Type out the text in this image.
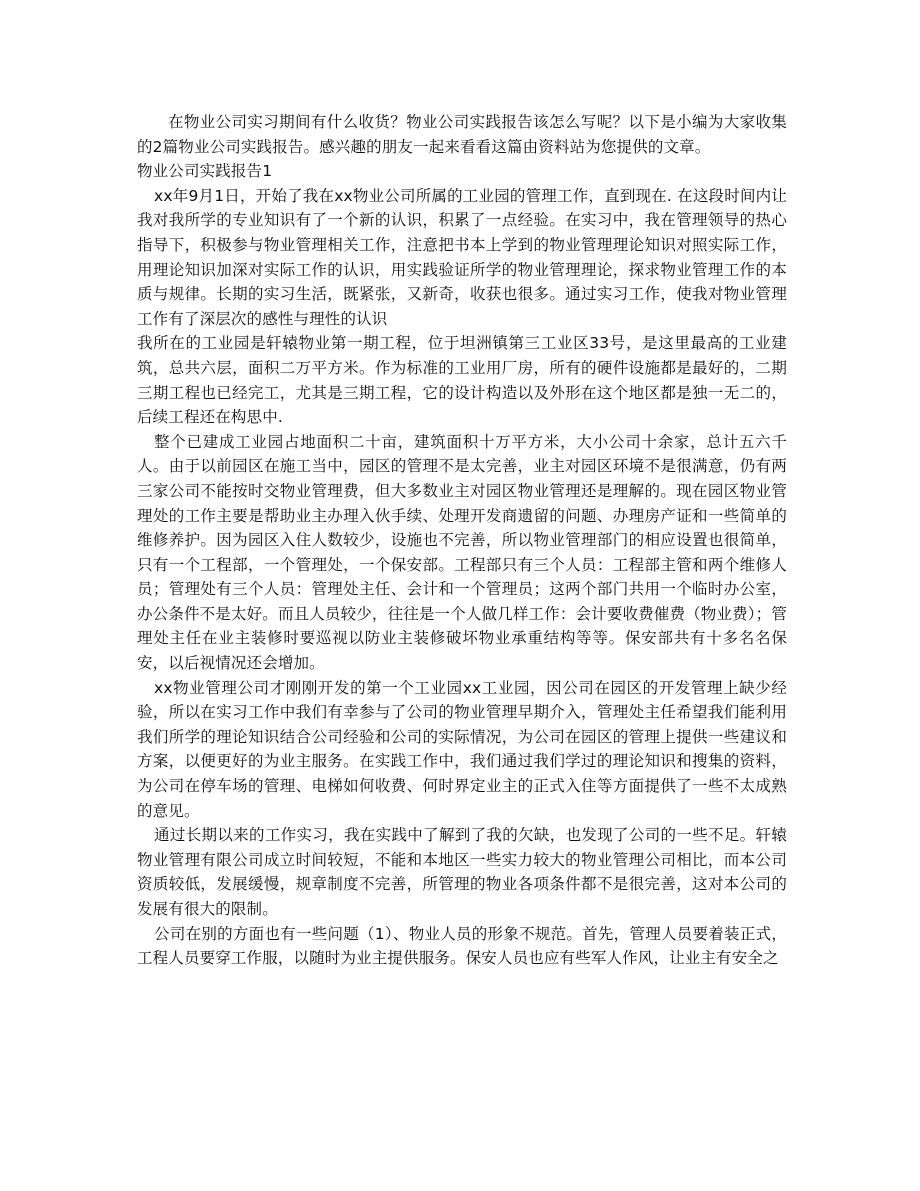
在物业公司实习期间有什么收货？物业公司实践报告该怎么写呢？以下是小编为大家收集的2篇物业公司实践报告。感兴趣的朋友一起来看看这篇由资料站为您提供的文章。

物业公司实践报告1

xx年9月1日，开始了我在xx物业公司所属的工业园的管理工作，直到现在. 在这段时间内让我对我所学的专业知识有了一个新的认识，积累了一点经验。在实习中，我在管理领导的热心指导下，积极参与物业管理相关工作，注意把书本上学到的物业管理理论知识对照实际工作，用理论知识加深对实际工作的认识，用实践验证所学的物业管理理论，探求物业管理工作的本质与规律。长期的实习生活，既紧张，又新奇，收获也很多。通过实习工作，使我对物业管理工作有了深层次的感性与理性的认识

我所在的工业园是轩辕物业第一期工程，位于坦洲镇第三工业区33号，是这里最高的工业建筑，总共六层，面积二万平方米。作为标准的工业用厂房，所有的硬件设施都是最好的，二期三期工程也已经完工，尤其是三期工程，它的设计构造以及外形在这个地区都是独一无二的，后续工程还在构思中.

整个已建成工业园占地面积二十亩，建筑面积十万平方米，大小公司十余家，总计五六千人。由于以前园区在施工当中，园区的管理不是太完善，业主对园区环境不是很满意，仍有两三家公司不能按时交物业管理费，但大多数业主对园区物业管理还是理解的。现在园区物业管理处的工作主要是帮助业主办理入伙手续、处理开发商遗留的问题、办理房产证和一些简单的维修养护。因为园区入住人数较少，设施也不完善，所以物业管理部门的相应设置也很简单，只有一个工程部，一个管理处，一个保安部。工程部只有三个人员：工程部主管和两个维修人员；管理处有三个人员：管理处主任、会计和一个管理员；这两个部门共用一个临时办公室，办公条件不是太好。而且人员较少，往往是一个人做几样工作：会计要收费催费（物业费）；管理处主任在业主装修时要巡视以防业主装修破坏物业承重结构等等。保安部共有十多名名保安，以后视情况还会增加。

xx物业管理公司才刚刚开发的第一个工业园xx工业园，因公司在园区的开发管理上缺少经验，所以在实习工作中我们有幸参与了公司的物业管理早期介入，管理处主任希望我们能利用我们所学的理论知识结合公司经验和公司的实际情况，为公司在园区的管理上提供一些建议和方案，以便更好的为业主服务。在实践工作中，我们通过我们学过的理论知识和搜集的资料，为公司在停车场的管理、电梯如何收费、何时界定业主的正式入住等方面提供了一些不太成熟的意见。

通过长期以来的工作实习，我在实践中了解到了我的欠缺，也发现了公司的一些不足。轩辕物业管理有限公司成立时间较短，不能和本地区一些实力较大的物业管理公司相比，而本公司资质较低，发展缓慢，规章制度不完善，所管理的物业各项条件都不是很完善，这对本公司的发展有很大的限制。

公司在别的方面也有一些问题（1）、物业人员的形象不规范。首先，管理人员要着装正式，工程人员要穿工作服，以随时为业主提供服务。保安人员也应有些军人作风，让业主有安全之
